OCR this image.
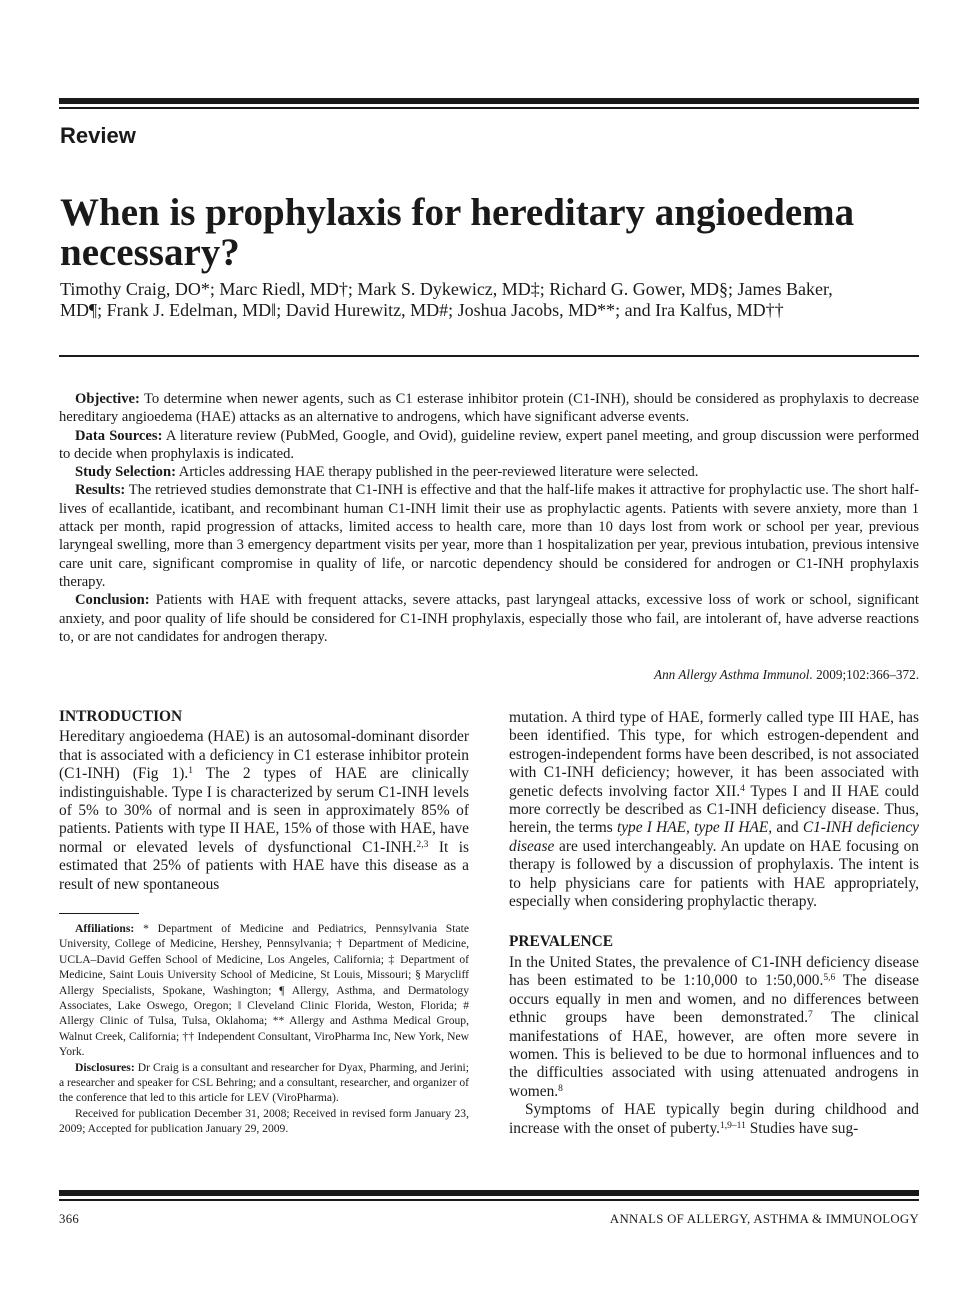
Review
When is prophylaxis for hereditary angioedema necessary?
Timothy Craig, DO*; Marc Riedl, MD†; Mark S. Dykewicz, MD‡; Richard G. Gower, MD§; James Baker, MD¶; Frank J. Edelman, MD‖; David Hurewitz, MD#; Joshua Jacobs, MD**; and Ira Kalfus, MD††

Objective: To determine when newer agents, such as C1 esterase inhibitor protein (C1-INH), should be considered as prophylaxis to decrease hereditary angioedema (HAE) attacks as an alternative to androgens, which have significant adverse events.

Data Sources: A literature review (PubMed, Google, and Ovid), guideline review, expert panel meeting, and group discussion were performed to decide when prophylaxis is indicated.

Study Selection: Articles addressing HAE therapy published in the peer-reviewed literature were selected.

Results: The retrieved studies demonstrate that C1-INH is effective and that the half-life makes it attractive for prophylactic use. The short half-lives of ecallantide, icatibant, and recombinant human C1-INH limit their use as prophylactic agents. Patients with severe anxiety, more than 1 attack per month, rapid progression of attacks, limited access to health care, more than 10 days lost from work or school per year, previous laryngeal swelling, more than 3 emergency department visits per year, more than 1 hospitalization per year, previous intubation, previous intensive care unit care, significant compromise in quality of life, or narcotic dependency should be considered for androgen or C1-INH prophylaxis therapy.

Conclusion: Patients with HAE with frequent attacks, severe attacks, past laryngeal attacks, excessive loss of work or school, significant anxiety, and poor quality of life should be considered for C1-INH prophylaxis, especially those who fail, are intolerant of, have adverse reactions to, or are not candidates for androgen therapy.

Ann Allergy Asthma Immunol. 2009;102:366–372.
INTRODUCTION

Hereditary angioedema (HAE) is an autosomal-dominant disorder that is associated with a deficiency in C1 esterase inhibitor protein (C1-INH) (Fig 1).$^1$ The 2 types of HAE are clinically indistinguishable. Type I is characterized by serum C1-INH levels of 5% to 30% of normal and is seen in approximately 85% of patients. Patients with type II HAE, 15% of those with HAE, have normal or elevated levels of dysfunctional C1-INH.$^{2,3}$ It is estimated that 25% of patients with HAE have this disease as a result of new spontaneous

Affiliations: * Department of Medicine and Pediatrics, Pennsylvania State University, College of Medicine, Hershey, Pennsylvania; † Department of Medicine, UCLA–David Geffen School of Medicine, Los Angeles, California; ‡ Department of Medicine, Saint Louis University School of Medicine, St Louis, Missouri; § Marycliff Allergy Specialists, Spokane, Washington; ¶ Allergy, Asthma, and Dermatology Associates, Lake Oswego, Oregon; ‖ Cleveland Clinic Florida, Weston, Florida; # Allergy Clinic of Tulsa, Tulsa, Oklahoma; ** Allergy and Asthma Medical Group, Walnut Creek, California; †† Independent Consultant, ViroPharma Inc, New York, New York.

Disclosures: Dr Craig is a consultant and researcher for Dyax, Pharming, and Jerini; a researcher and speaker for CSL Behring; and a consultant, researcher, and organizer of the conference that led to this article for LEV (ViroPharma).

Received for publication December 31, 2008; Received in revised form January 23, 2009; Accepted for publication January 29, 2009.

mutation. A third type of HAE, formerly called type III HAE, has been identified. This type, for which estrogen-dependent and estrogen-independent forms have been described, is not associated with C1-INH deficiency; however, it has been associated with genetic defects involving factor XII.$^4$ Types I and II HAE could more correctly be described as C1-INH deficiency disease. Thus, herein, the terms type I HAE, type II HAE, and C1-INH deficiency disease are used interchangeably. An update on HAE focusing on therapy is followed by a discussion of prophylaxis. The intent is to help physicians care for patients with HAE appropriately, especially when considering prophylactic therapy.

PREVALENCE

In the United States, the prevalence of C1-INH deficiency disease has been estimated to be 1:10,000 to 1:50,000.$^{5,6}$ The disease occurs equally in men and women, and no differences between ethnic groups have been demonstrated.$^7$ The clinical manifestations of HAE, however, are often more severe in women. This is believed to be due to hormonal influences and to the difficulties associated with using attenuated androgens in women.$^8$

Symptoms of HAE typically begin during childhood and increase with the onset of puberty.$^{1,9-11}$ Studies have sug-

366	ANNALS OF ALLERGY, ASTHMA & IMMUNOLOGY
